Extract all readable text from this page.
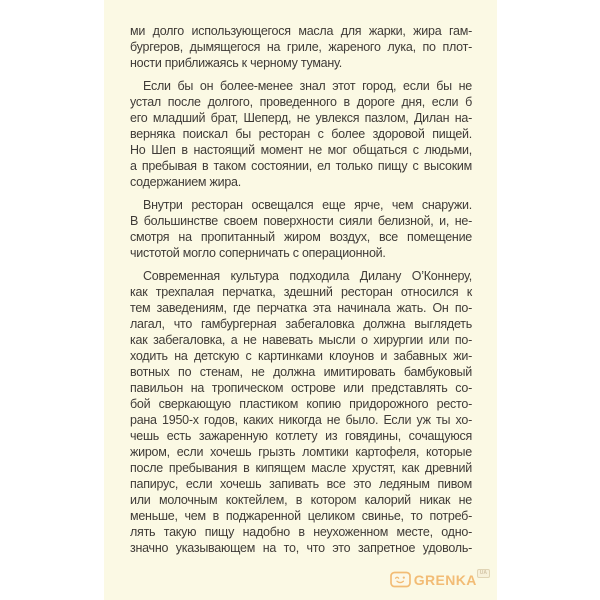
ми долго использующегося масла для жарки, жира гам-
бургеров, дымящегося на гриле, жареного лука, по плот-
ности приближаясь к черному туману.
Если бы он более-менее знал этот город, если бы не
устал после долгого, проведенного в дороге дня, если б
его младший брат, Шеперд, не увлекся пазлом, Дилан на-
верняка поискал бы ресторан с более здоровой пищей.
Но Шеп в настоящий момент не мог общаться с людьми,
а пребывая в таком состоянии, ел только пищу с высоким
содержанием жира.
Внутри ресторан освещался еще ярче, чем снаружи.
В большинстве своем поверхности сияли белизной, и, не-
смотря на пропитанный жиром воздух, все помещение
чистотой могло соперничать с операционной.
Современная культура подходила Дилану О’Коннеру,
как трехпалая перчатка, здешний ресторан относился к
тем заведениям, где перчатка эта начинала жать. Он по-
лагал, что гамбургерная забегаловка должна выглядеть
как забегаловка, а не навевать мысли о хирургии или по-
ходить на детскую с картинками клоунов и забавных жи-
вотных по стенам, не должна имитировать бамбуковый
павильон на тропическом острове или представлять со-
бой сверкающую пластиком копию придорожного ресто-
рана 1950-х годов, каких никогда не было. Если уж ты хо-
чешь есть зажаренную котлету из говядины, сочащуюся
жиром, если хочешь грызть ломтики картофеля, которые
после пребывания в кипящем масле хрустят, как древний
папирус, если хочешь запивать все это ледяным пивом
или молочным коктейлем, в котором калорий никак не
меньше, чем в поджаренной целиком свинье, то потреб-
лять такую пищу надобно в неухоженном месте, одно-
значно указывающем на то, что это запретное удоволь-
GRENKA UA
